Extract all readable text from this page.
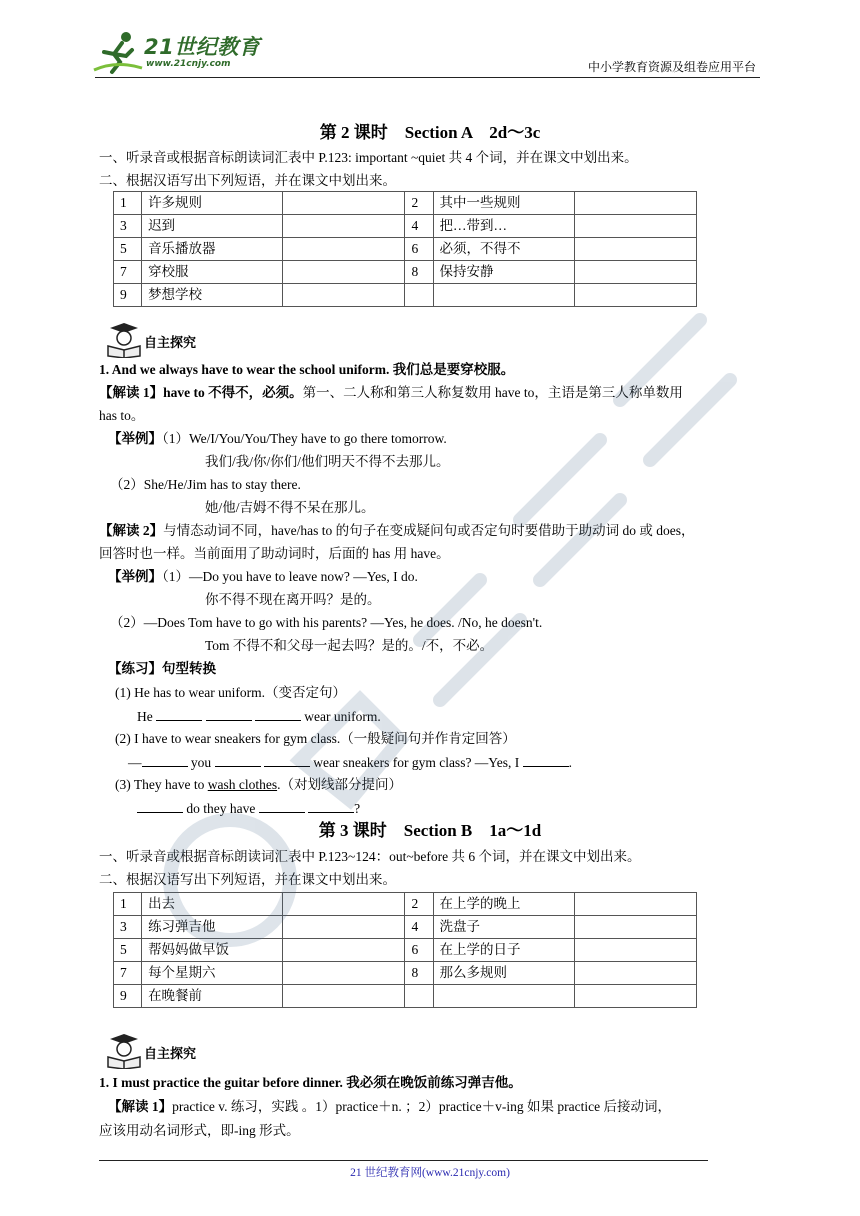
21世纪教育
www.21cnjy.com	中小学教育资源及组卷应用平台
第 2 课时　Section A　2d～3c
一、听录音或根据音标朗读词汇表中 P.123: important ~quiet 共 4 个词，并在课文中划出来。
二、根据汉语写出下列短语，并在课文中划出来。
1	许多规则		2	其中一些规则	
3	迟到		4	把…带到…	
5	音乐播放器		6	必须，不得不	
7	穿校服		8	保持安静	
9	梦想学校				
自主探究
1. And we always have to wear the school uniform. 我们总是要穿校服。
【解读 1】have to 不得不，必须。第一、二人称和第三人称复数用 have to，主语是第三人称单数用
has to。
【举例】（1）We/I/You/You/They have to go there tomorrow.
我们/我/你/你们/他们明天不得不去那儿。
（2）She/He/Jim has to stay there.
她/他/吉姆不得不呆在那儿。
【解读 2】与情态动词不同，have/has to 的句子在变成疑问句或否定句时要借助于助动词 do 或 does，
回答时也一样。当前面用了助动词时，后面的 has 用 have。
【举例】（1）—Do you have to leave now? —Yes, I do.
你不得不现在离开吗？是的。
（2）—Does Tom have to go with his parents? —Yes, he does. /No, he doesn't.
Tom 不得不和父母一起去吗？是的。/不，不必。
【练习】句型转换
(1) He has to wear uniform.（变否定句）
He	wear uniform.
(2) I have to wear sneakers for gym class.（一般疑问句并作肯定回答）
—	you	wear sneakers for gym class? —Yes, I	.
(3) They have to wash clothes.（对划线部分提问）
do they have	?
第 3 课时　Section B　1a～1d
一、听录音或根据音标朗读词汇表中 P.123~124：out~before 共 6 个词，并在课文中划出来。
二、根据汉语写出下列短语，并在课文中划出来。
1	出去		2	在上学的晚上	
3	练习弹吉他		4	洗盘子	
5	帮妈妈做早饭		6	在上学的日子	
7	每个星期六		8	那么多规则	
9	在晚餐前				
自主探究
1. I must practice the guitar before dinner. 我必须在晚饭前练习弹吉他。
【解读 1】practice v. 练习，实践 。1）practice＋n. ；2）practice＋v-ing 如果 practice 后接动词，
应该用动名词形式，即-ing 形式。
21 世纪教育网(www.21cnjy.com)
